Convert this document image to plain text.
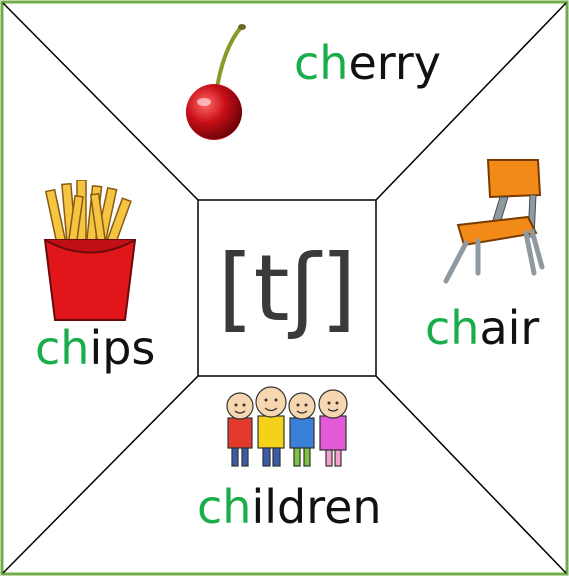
[tʃ]
cherry
chips	chair
children
